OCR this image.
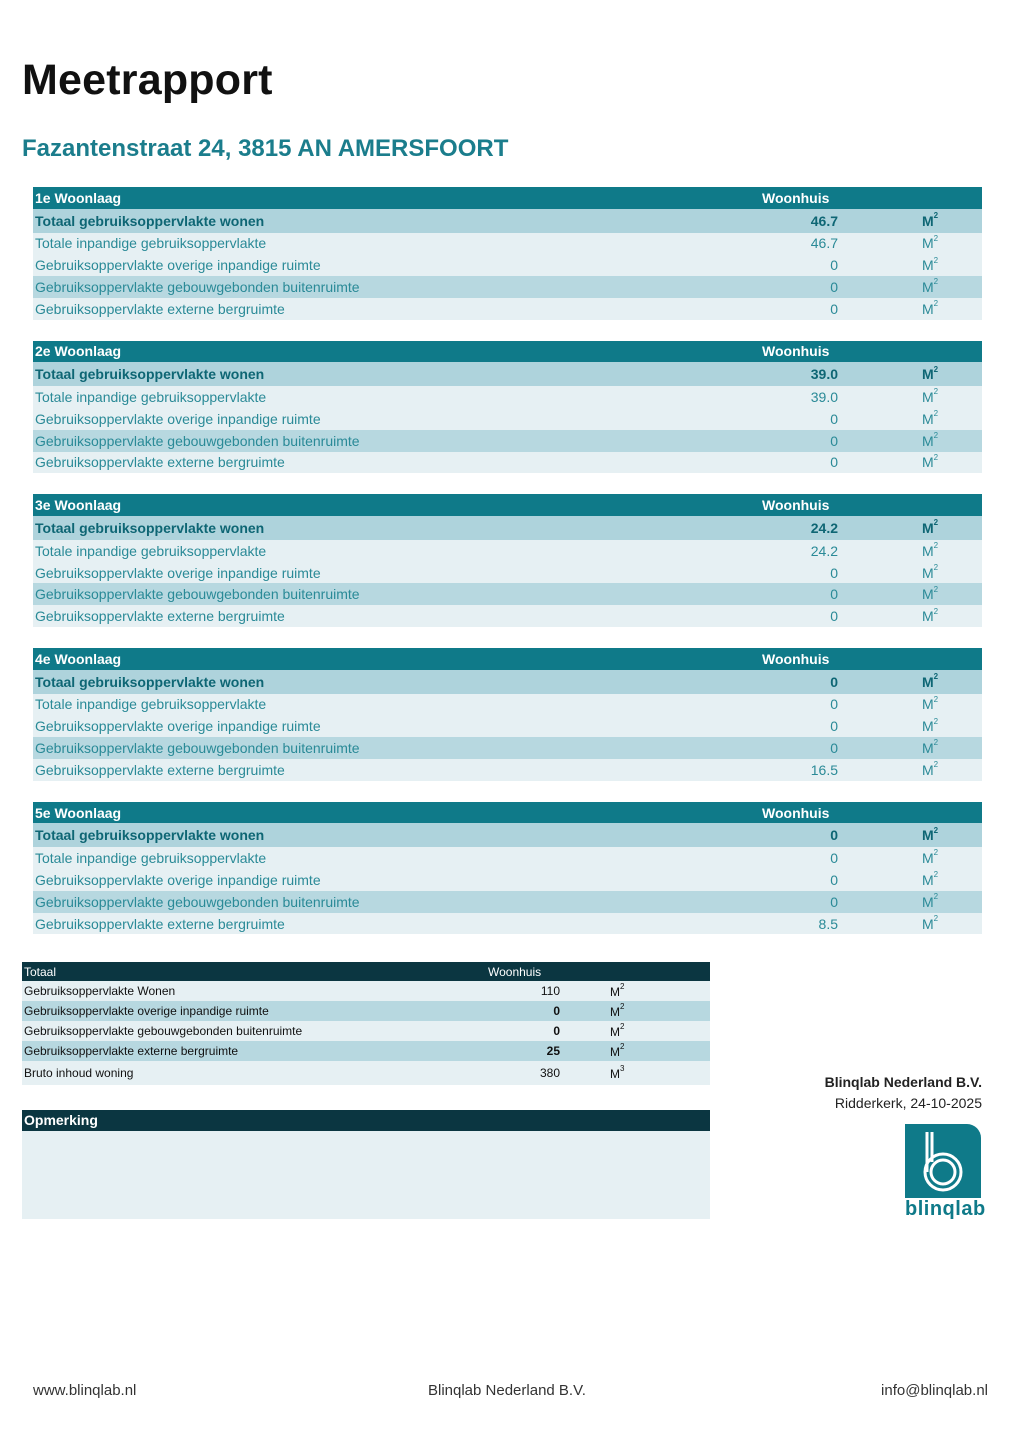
Meetrapport
Fazantenstraat 24, 3815 AN AMERSFOORT
1e Woonlaag	Woonhuis
Totaal gebruiksoppervlakte wonen	46.7	$M^2$
Totale inpandige gebruiksoppervlakte	46.7	$M^2$
Gebruiksoppervlakte overige inpandige ruimte	0	$M^2$
Gebruiksoppervlakte gebouwgebonden buitenruimte	0	$M^2$
Gebruiksoppervlakte externe bergruimte	0	$M^2$
2e Woonlaag	Woonhuis
Totaal gebruiksoppervlakte wonen	39.0	$M^2$
Totale inpandige gebruiksoppervlakte	39.0	$M^2$
Gebruiksoppervlakte overige inpandige ruimte	0	$M^2$
Gebruiksoppervlakte gebouwgebonden buitenruimte	0	$M^2$
Gebruiksoppervlakte externe bergruimte	0	$M^2$
3e Woonlaag	Woonhuis
Totaal gebruiksoppervlakte wonen	24.2	$M^2$
Totale inpandige gebruiksoppervlakte	24.2	$M^2$
Gebruiksoppervlakte overige inpandige ruimte	0	$M^2$
Gebruiksoppervlakte gebouwgebonden buitenruimte	0	$M^2$
Gebruiksoppervlakte externe bergruimte	0	$M^2$
4e Woonlaag	Woonhuis
Totaal gebruiksoppervlakte wonen	0	$M^2$
Totale inpandige gebruiksoppervlakte	0	$M^2$
Gebruiksoppervlakte overige inpandige ruimte	0	$M^2$
Gebruiksoppervlakte gebouwgebonden buitenruimte	0	$M^2$
Gebruiksoppervlakte externe bergruimte	16.5	$M^2$
5e Woonlaag	Woonhuis
Totaal gebruiksoppervlakte wonen	0	$M^2$
Totale inpandige gebruiksoppervlakte	0	$M^2$
Gebruiksoppervlakte overige inpandige ruimte	0	$M^2$
Gebruiksoppervlakte gebouwgebonden buitenruimte	0	$M^2$
Gebruiksoppervlakte externe bergruimte	8.5	$M^2$
Totaal	Woonhuis
Gebruiksoppervlakte Wonen	110	$M^2$
Gebruiksoppervlakte overige inpandige ruimte	0	$M^2$
Gebruiksoppervlakte gebouwgebonden buitenruimte	0	$M^2$
Gebruiksoppervlakte externe bergruimte	25	$M^2$
Bruto inhoud woning	380	$M^3$
Opmerking
Blinqlab Nederland B.V.
Ridderkerk, 24-10-2025
blinqlab
www.blinqlab.nl	Blinqlab Nederland B.V.	info@blinqlab.nl
